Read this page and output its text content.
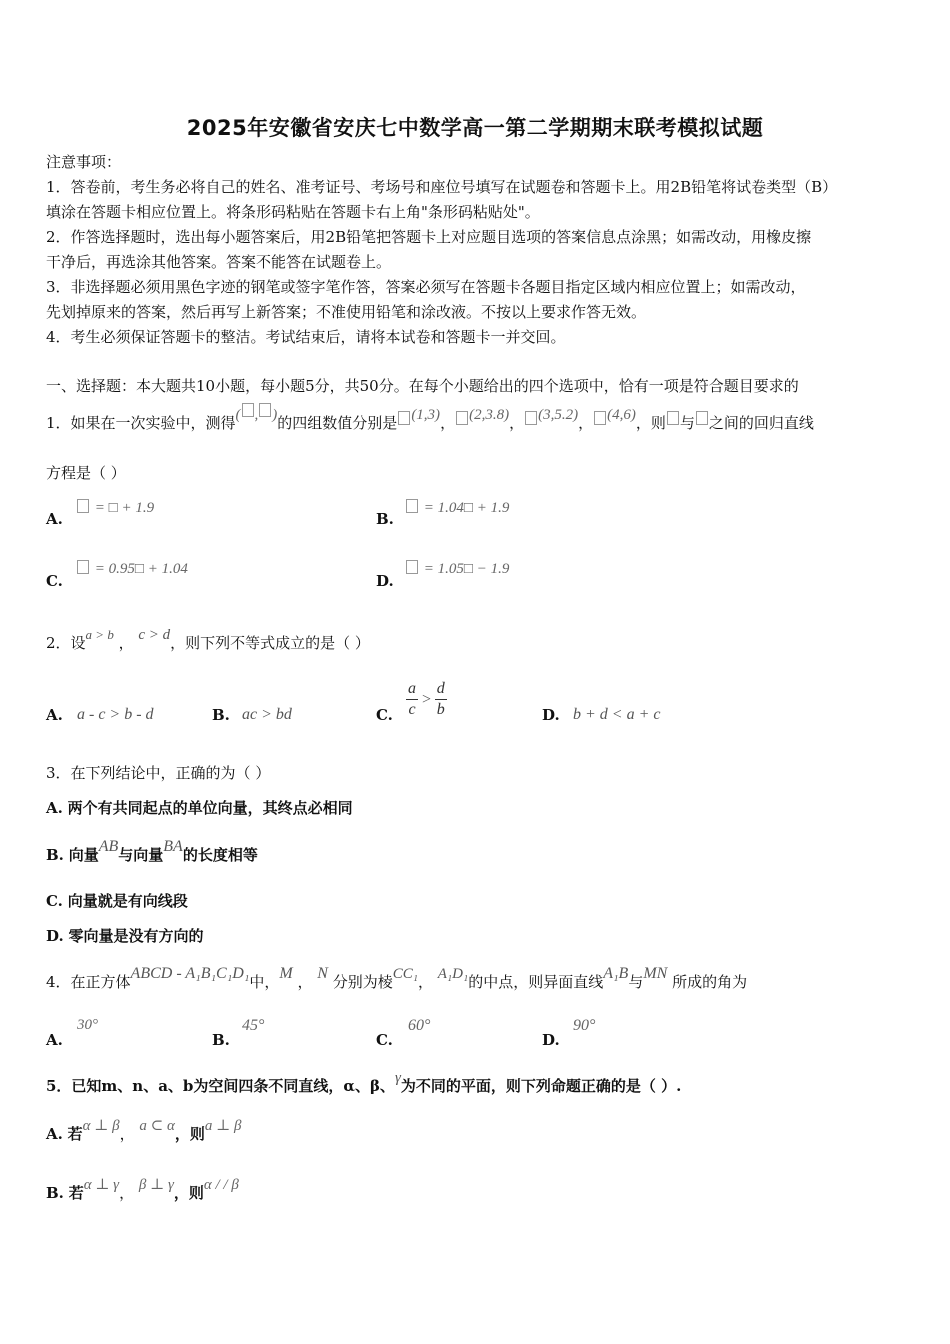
2025年安徽省安庆七中数学高一第二学期期末联考模拟试题
注意事项：
1．答卷前，考生务必将自己的姓名、准考证号、考场号和座位号填写在试题卷和答题卡上。用2B铅笔将试卷类型（B）
填涂在答题卡相应位置上。将条形码粘贴在答题卡右上角"条形码粘贴处"。
2．作答选择题时，选出每小题答案后，用2B铅笔把答题卡上对应题目选项的答案信息点涂黑；如需改动，用橡皮擦
干净后，再选涂其他答案。答案不能答在试题卷上。
3．非选择题必须用黑色字迹的钢笔或签字笔作答，答案必须写在答题卡各题目指定区域内相应位置上；如需改动，
先划掉原来的答案，然后再写上新答案；不准使用铅笔和涂改液。不按以上要求作答无效。
4．考生必须保证答题卡的整洁。考试结束后，请将本试卷和答题卡一并交回。
一、选择题：本大题共10小题，每小题5分，共50分。在每个小题给出的四个选项中，恰有一项是符合题目要求的
1．如果在一次实验中，测得( , )的四组数值分别是 (1,3)， (2,3.8)， (3,5.2)， (4,6)，则 与 之间的回归直线
方程是（ ）
A.
= □ + 1.9
B.
= 1.04□ + 1.9
C.
= 0.95□ + 1.04
D.
= 1.05□ − 1.9
2．设a > b ， c > d，则下列不等式成立的是（ ）
A. a - c > b - d	B. ac > bd	C. $\frac{a}{c} > \frac{d}{b}$	D. b + d < a + c
3．在下列结论中，正确的为（ ）
A. 两个有共同起点的单位向量，其终点必相同
B. 向量AB与向量BA的长度相等
C. 向量就是有向线段
D. 零向量是没有方向的
4．在正方体ABCD - A₁B₁C₁D₁中，M ， N 分别为棱CC₁， A₁D₁的中点，则异面直线A₁B与MN 所成的角为
A.
30°
B.
45°
C.
60°
D.
90°
5．已知m、n、a、b为空间四条不同直线，α、β、γ为不同的平面，则下列命题正确的是（ ）.
A. 若α ⊥ β， a ⊂ α，则a ⊥ β
B. 若α ⊥ γ， β ⊥ γ，则α / / β
